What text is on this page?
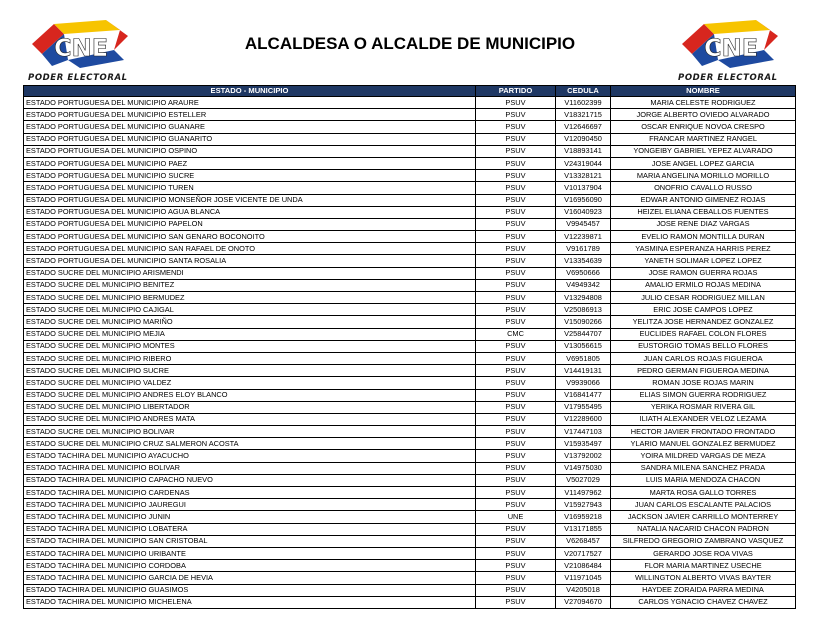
CNE
PODER ELECTORAL
ALCALDESA O ALCALDE DE MUNICIPIO	CNE
PODER ELECTORAL
ESTADO - MUNICIPIO	PARTIDO	CEDULA	NOMBRE
ESTADO PORTUGUESA DEL MUNICIPIO ARAURE	PSUV	V11602399	MARIA CELESTE RODRIGUEZ
ESTADO PORTUGUESA DEL MUNICIPIO ESTELLER	PSUV	V18321715	JORGE ALBERTO OVIEDO ALVARADO
ESTADO PORTUGUESA DEL MUNICIPIO GUANARE	PSUV	V12646697	OSCAR ENRIQUE NOVOA CRESPO
ESTADO PORTUGUESA DEL MUNICIPIO GUANARITO	PSUV	V12090450	FRANCAR MARTINEZ RANGEL
ESTADO PORTUGUESA DEL MUNICIPIO OSPINO	PSUV	V18893141	YONGEIBY GABRIEL YEPEZ ALVARADO
ESTADO PORTUGUESA DEL MUNICIPIO PAEZ	PSUV	V24319044	JOSE ANGEL LOPEZ GARCIA
ESTADO PORTUGUESA DEL MUNICIPIO SUCRE	PSUV	V13328121	MARIA ANGELINA MORILLO MORILLO
ESTADO PORTUGUESA DEL MUNICIPIO TUREN	PSUV	V10137904	ONOFRIO CAVALLO RUSSO
ESTADO PORTUGUESA DEL MUNICIPIO MONSEÑOR JOSE VICENTE DE UNDA	PSUV	V16956090	EDWAR ANTONIO GIMENEZ ROJAS
ESTADO PORTUGUESA DEL MUNICIPIO AGUA BLANCA	PSUV	V16040923	HEIZEL ELIANA CEBALLOS FUENTES
ESTADO PORTUGUESA DEL MUNICIPIO PAPELON	PSUV	V9945457	JOSE RENE DIAZ VARGAS
ESTADO PORTUGUESA DEL MUNICIPIO SAN GENARO BOCONOITO	PSUV	V12239871	EVELIO RAMON MONTILLA DURAN
ESTADO PORTUGUESA DEL MUNICIPIO SAN RAFAEL DE ONOTO	PSUV	V9161789	YASMINA ESPERANZA HARRIS PEREZ
ESTADO PORTUGUESA DEL MUNICIPIO SANTA ROSALIA	PSUV	V13354639	YANETH SOLIMAR LOPEZ LOPEZ
ESTADO SUCRE DEL MUNICIPIO ARISMENDI	PSUV	V6950666	JOSE RAMON GUERRA ROJAS
ESTADO SUCRE DEL MUNICIPIO BENITEZ	PSUV	V4949342	AMALIO ERMILO ROJAS MEDINA
ESTADO SUCRE DEL MUNICIPIO BERMUDEZ	PSUV	V13294808	JULIO CESAR RODRIGUEZ MILLAN
ESTADO SUCRE DEL MUNICIPIO CAJIGAL	PSUV	V25086913	ERIC JOSE CAMPOS LOPEZ
ESTADO SUCRE DEL MUNICIPIO MARIÑO	PSUV	V15090266	YELITZA JOSE HERNANDEZ GONZALEZ
ESTADO SUCRE DEL MUNICIPIO MEJIA	CMC	V25844707	EUCLIDES RAFAEL COLON FLORES
ESTADO SUCRE DEL MUNICIPIO MONTES	PSUV	V13056615	EUSTORGIO TOMAS BELLO FLORES
ESTADO SUCRE DEL MUNICIPIO RIBERO	PSUV	V6951805	JUAN CARLOS ROJAS FIGUEROA
ESTADO SUCRE DEL MUNICIPIO SUCRE	PSUV	V14419131	PEDRO GERMAN FIGUEROA MEDINA
ESTADO SUCRE DEL MUNICIPIO VALDEZ	PSUV	V9939066	ROMAN JOSE ROJAS MARIN
ESTADO SUCRE DEL MUNICIPIO ANDRES ELOY BLANCO	PSUV	V16841477	ELIAS SIMON GUERRA RODRIGUEZ
ESTADO SUCRE DEL MUNICIPIO LIBERTADOR	PSUV	V17955495	YERIKA ROSMAR RIVERA GIL
ESTADO SUCRE DEL MUNICIPIO ANDRES MATA	PSUV	V12289600	ILIATH ALEXANDER VELOZ LEZAMA
ESTADO SUCRE DEL MUNICIPIO BOLIVAR	PSUV	V17447103	HECTOR JAVIER FRONTADO FRONTADO
ESTADO SUCRE DEL MUNICIPIO CRUZ SALMERON ACOSTA	PSUV	V15935497	YLARIO MANUEL GONZALEZ BERMUDEZ
ESTADO TACHIRA DEL MUNICIPIO AYACUCHO	PSUV	V13792002	YOIRA MILDRED VARGAS DE MEZA
ESTADO TACHIRA DEL MUNICIPIO BOLIVAR	PSUV	V14975030	SANDRA MILENA SANCHEZ PRADA
ESTADO TACHIRA DEL MUNICIPIO CAPACHO NUEVO	PSUV	V5027029	LUIS MARIA MENDOZA CHACON
ESTADO TACHIRA DEL MUNICIPIO CARDENAS	PSUV	V11497962	MARTA ROSA GALLO TORRES
ESTADO TACHIRA DEL MUNICIPIO JAUREGUI	PSUV	V15927943	JUAN CARLOS ESCALANTE PALACIOS
ESTADO TACHIRA DEL MUNICIPIO JUNIN	UNE	V16959218	JACKSON JAVIER CARRILLO MONTERREY
ESTADO TACHIRA DEL MUNICIPIO LOBATERA	PSUV	V13171855	NATALIA NACARID CHACON PADRON
ESTADO TACHIRA DEL MUNICIPIO SAN CRISTOBAL	PSUV	V6268457	SILFREDO GREGORIO ZAMBRANO VASQUEZ
ESTADO TACHIRA DEL MUNICIPIO URIBANTE	PSUV	V20717527	GERARDO JOSE ROA VIVAS
ESTADO TACHIRA DEL MUNICIPIO CORDOBA	PSUV	V21086484	FLOR MARIA MARTINEZ USECHE
ESTADO TACHIRA DEL MUNICIPIO GARCIA DE HEVIA	PSUV	V11971045	WILLINGTON ALBERTO VIVAS BAYTER
ESTADO TACHIRA DEL MUNICIPIO GUASIMOS	PSUV	V4205018	HAYDEE ZORAIDA PARRA MEDINA
ESTADO TACHIRA DEL MUNICIPIO MICHELENA	PSUV	V27094670	CARLOS YGNACIO CHAVEZ CHAVEZ
